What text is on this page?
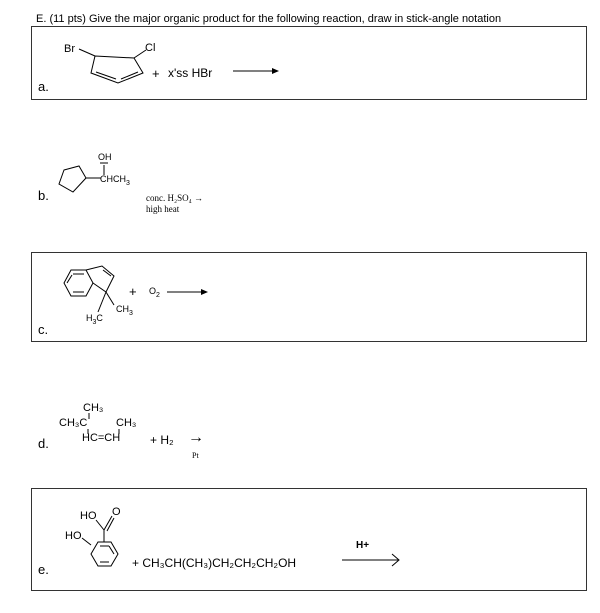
E. (11 pts) Give the major organic product for the following reaction, draw in stick-angle notation
a.
Br	Cl
+ x'ss HBr
b.
OH
$CHCH_3$
conc. H₂SO₄ →
high heat
c.
$CH_3$
$H_3C$
+ $O_2$
d.
CH₃
CH₃C	CH₃
HC=CH + H₂ →
Pt
e.
HO O
HO
H+
+ CH₃CH(CH₃)CH₂CH₂CH₂OH
